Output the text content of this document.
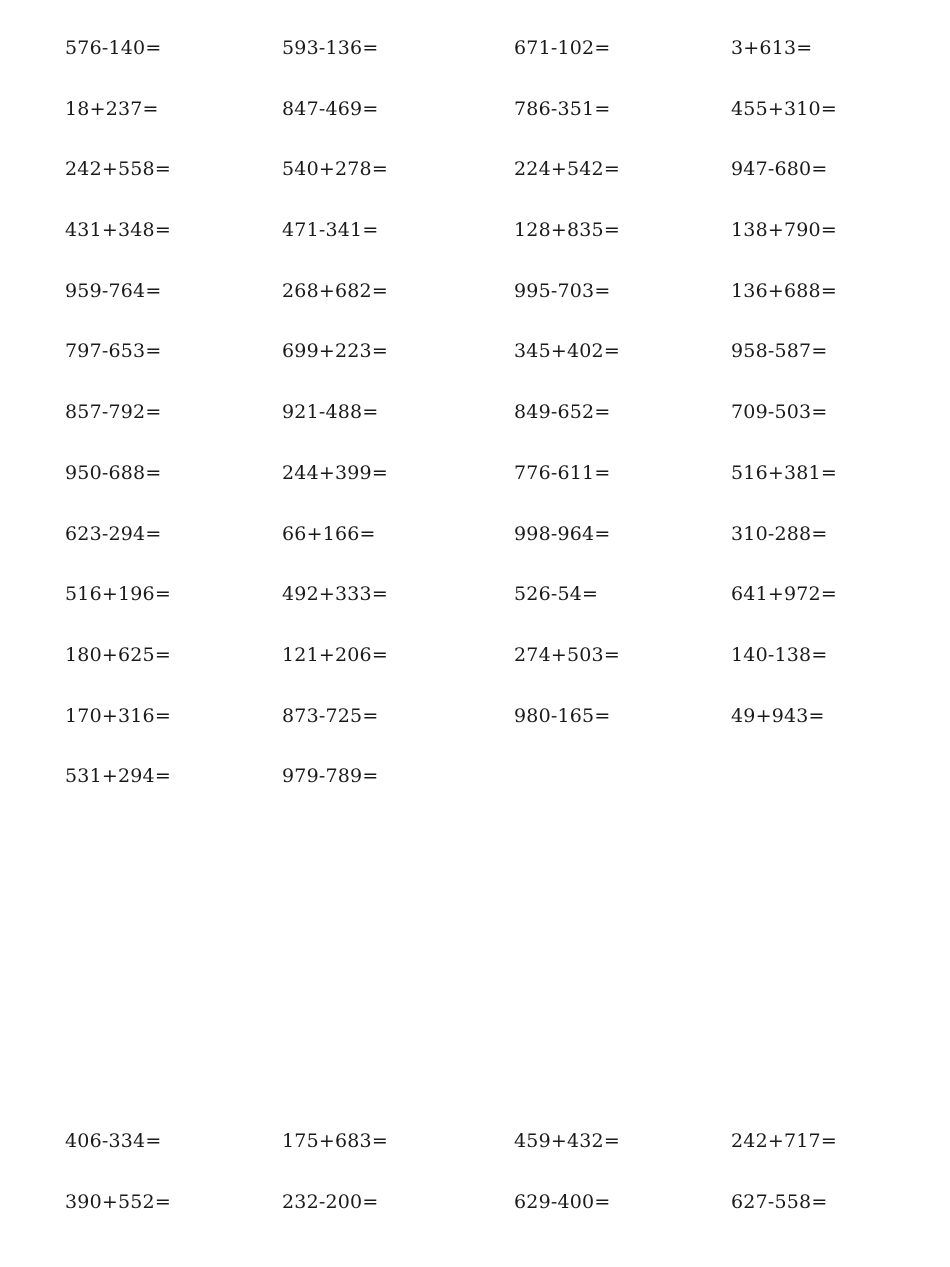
576-140=	593-136=	671-102=	3+613=
18+237=	847-469=	786-351=	455+310=
242+558=	540+278=	224+542=	947-680=
431+348=	471-341=	128+835=	138+790=
959-764=	268+682=	995-703=	136+688=
797-653=	699+223=	345+402=	958-587=
857-792=	921-488=	849-652=	709-503=
950-688=	244+399=	776-611=	516+381=
623-294=	66+166=	998-964=	310-288=
516+196=	492+333=	526-54=	641+972=
180+625=	121+206=	274+503=	140-138=
170+316=	873-725=	980-165=	49+943=
531+294=	979-789=
406-334=	175+683=	459+432=	242+717=
390+552=	232-200=	629-400=	627-558=
